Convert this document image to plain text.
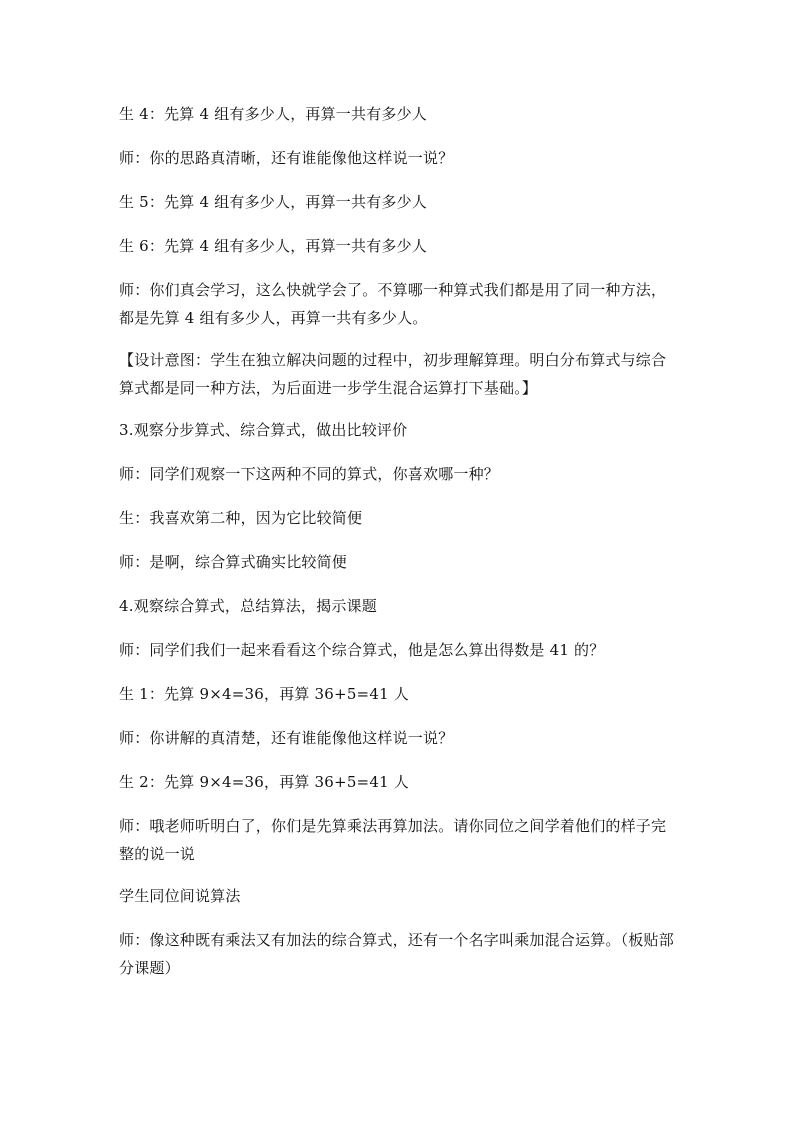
生 4：先算 4 组有多少人，再算一共有多少人

师：你的思路真清晰，还有谁能像他这样说一说？

生 5：先算 4 组有多少人，再算一共有多少人

生 6：先算 4 组有多少人，再算一共有多少人

师：你们真会学习，这么快就学会了。不算哪一种算式我们都是用了同一种方法，都是先算 4 组有多少人，再算一共有多少人。

【设计意图：学生在独立解决问题的过程中，初步理解算理。明白分布算式与综合算式都是同一种方法，为后面进一步学生混合运算打下基础。】

3.观察分步算式、综合算式，做出比较评价

师：同学们观察一下这两种不同的算式，你喜欢哪一种？

生：我喜欢第二种，因为它比较简便

师：是啊，综合算式确实比较简便

4.观察综合算式，总结算法，揭示课题

师：同学们我们一起来看看这个综合算式，他是怎么算出得数是 41 的？

生 1：先算 9×4=36，再算 36+5=41 人

师：你讲解的真清楚，还有谁能像他这样说一说？

生 2：先算 9×4=36，再算 36+5=41 人

师：哦老师听明白了，你们是先算乘法再算加法。请你同位之间学着他们的样子完整的说一说

学生同位间说算法

师：像这种既有乘法又有加法的综合算式，还有一个名字叫乘加混合运算。（板贴部分课题）
